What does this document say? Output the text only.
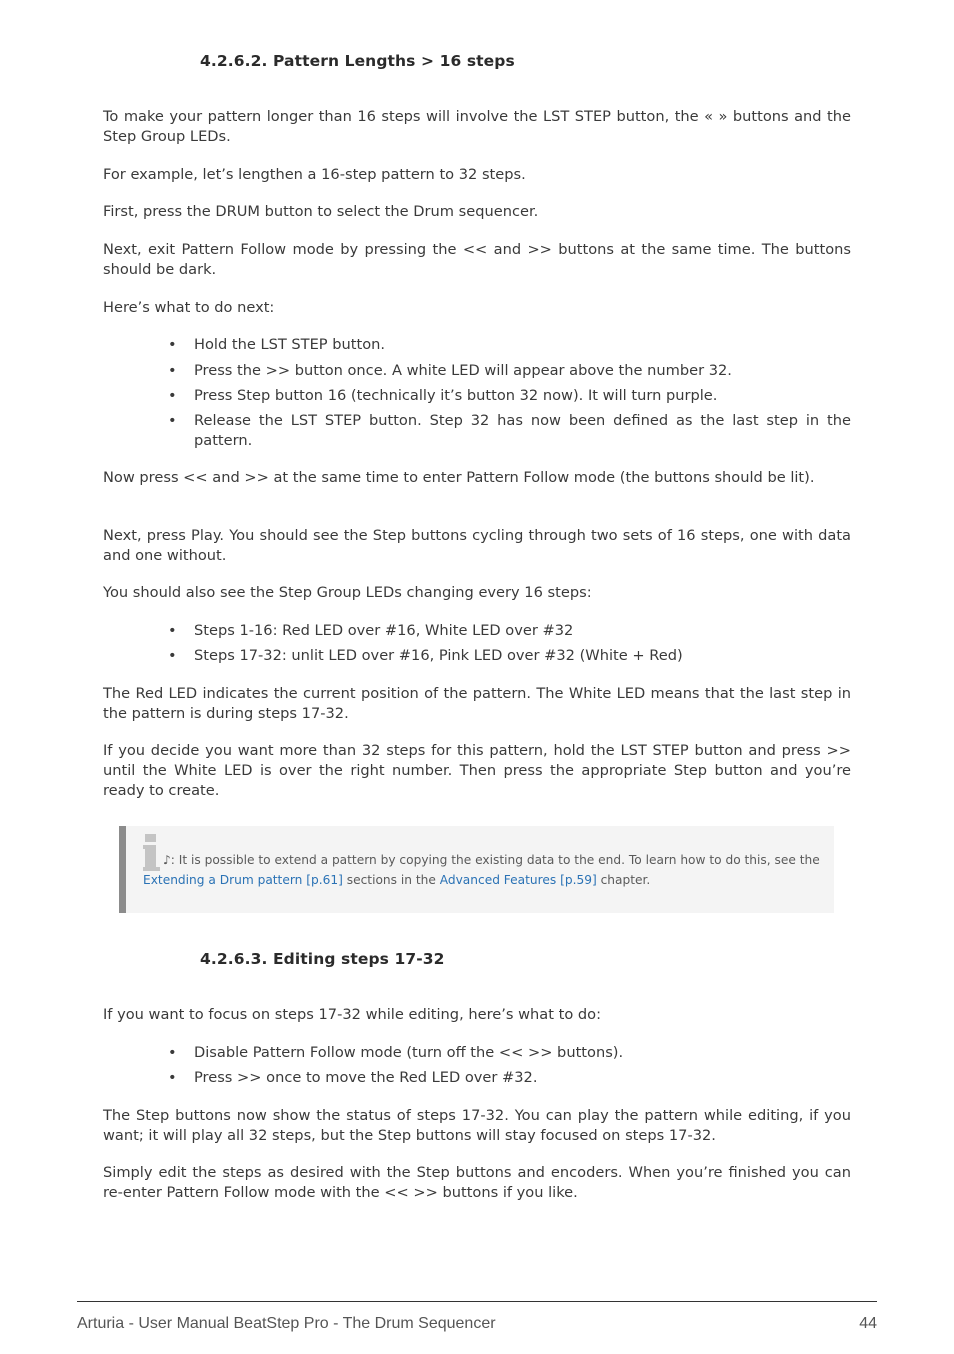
4.2.6.2. Pattern Lengths > 16 steps

To make your pattern longer than 16 steps will involve the LST STEP button, the « » buttons and the Step Group LEDs.

For example, let’s lengthen a 16-step pattern to 32 steps.

First, press the DRUM button to select the Drum sequencer.

Next, exit Pattern Follow mode by pressing the << and >> buttons at the same time. The buttons should be dark.

Here’s what to do next:

•	Hold the LST STEP button.

•	Press the >> button once. A white LED will appear above the number 32.

•	Press Step button 16 (technically it’s button 32 now). It will turn purple.

•	Release the LST STEP button. Step 32 has now been defined as the last step in the pattern.

Now press << and >> at the same time to enter Pattern Follow mode (the buttons should be lit).

Next, press Play. You should see the Step buttons cycling through two sets of 16 steps, one with data and one without.

You should also see the Step Group LEDs changing every 16 steps:

•	Steps 1-16: Red LED over #16, White LED over #32

•	Steps 17-32: unlit LED over #16, Pink LED over #32 (White + Red)

The Red LED indicates the current position of the pattern. The White LED means that the last step in the pattern is during steps 17-32.

If you decide you want more than 32 steps for this pattern, hold the LST STEP button and press >> until the White LED is over the right number. Then press the appropriate Step button and you’re ready to create.

♪: It is possible to extend a pattern by copying the existing data to the end. To learn how to do this, see the Extending a Drum pattern [p.61] sections in the Advanced Features [p.59] chapter.

4.2.6.3. Editing steps 17-32

If you want to focus on steps 17-32 while editing, here’s what to do:

•	Disable Pattern Follow mode (turn off the << >> buttons).

•	Press >> once to move the Red LED over #32.

The Step buttons now show the status of steps 17-32. You can play the pattern while editing, if you want; it will play all 32 steps, but the Step buttons will stay focused on steps 17-32.

Simply edit the steps as desired with the Step buttons and encoders. When you’re finished you can re-enter Pattern Follow mode with the << >> buttons if you like.

Arturia - User Manual BeatStep Pro - The Drum Sequencer	44
